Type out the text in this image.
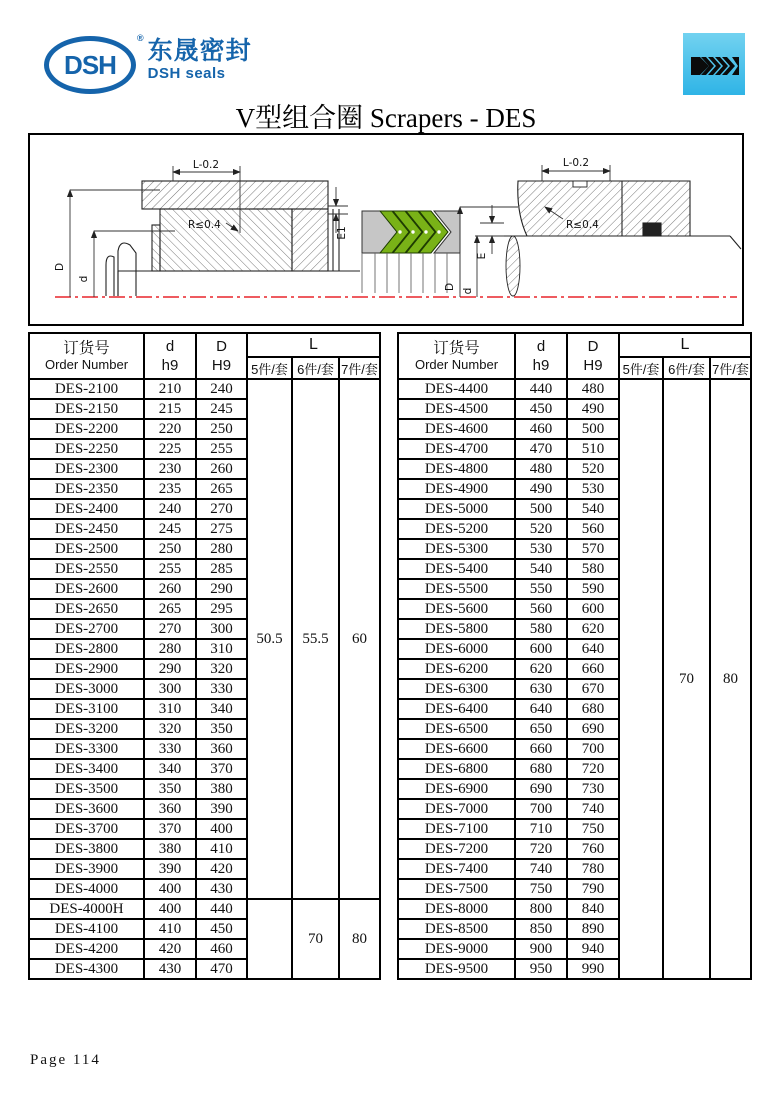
DSH
® 东晟密封
DSH seals
V型组合圈 Scrapers - DES
L-0.2
R≤0.4
D
d
E1
L-0.2
R≤0.4
E
D d
订货号
Order Number

d
h9

D
H9
	L
			5件/套	6件/套	7件/套
DES-2100	210	240	50.5	55.5	60
DES-2150	215	245			
DES-2200	220	250			
DES-2250	225	255			
DES-2300	230	260			
DES-2350	235	265			
DES-2400	240	270			
DES-2450	245	275			
DES-2500	250	280			
DES-2550	255	285			
DES-2600	260	290			
DES-2650	265	295			
DES-2700	270	300			
DES-2800	280	310			
DES-2900	290	320			
DES-3000	300	330			
DES-3100	310	340			
DES-3200	320	350			
DES-3300	330	360			
DES-3400	340	370			
DES-3500	350	380			
DES-3600	360	390			
DES-3700	370	400			
DES-3800	380	410			
DES-3900	390	420			
DES-4000	400	430			
DES-4000H	400	440		70	80
DES-4100	410	450			
DES-4200	420	460			
DES-4300	430	470			
订货号
Order Number

d
h9

D
H9
	L
			5件/套	6件/套	7件/套
DES-4400	440	480		70	80
DES-4500	450	490			
DES-4600	460	500			
DES-4700	470	510			
DES-4800	480	520			
DES-4900	490	530			
DES-5000	500	540			
DES-5200	520	560			
DES-5300	530	570			
DES-5400	540	580			
DES-5500	550	590			
DES-5600	560	600			
DES-5800	580	620			
DES-6000	600	640			
DES-6200	620	660			
DES-6300	630	670			
DES-6400	640	680			
DES-6500	650	690			
DES-6600	660	700			
DES-6800	680	720			
DES-6900	690	730			
DES-7000	700	740			
DES-7100	710	750			
DES-7200	720	760			
DES-7400	740	780			
DES-7500	750	790			
DES-8000	800	840			
DES-8500	850	890			
DES-9000	900	940			
DES-9500	950	990			
Page 114
